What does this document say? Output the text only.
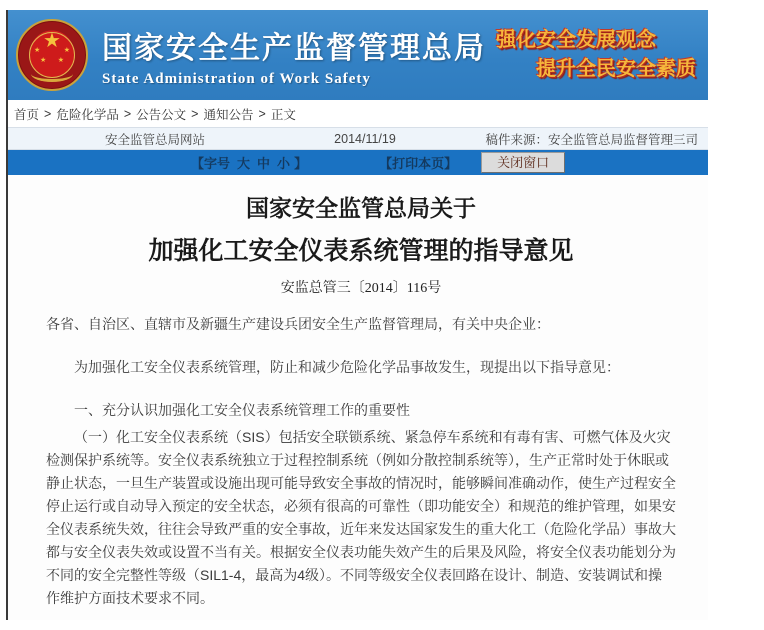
★
★
★ ★
★ 国家安全生产监督管理总局
State Administration of Work Safety
强化安全发展观念
提升全民安全素质
首页 > 危险化学品 > 公告公文 > 通知公告 > 正文
安全监管总局网站	2014/11/19	稿件来源：安全监管总局监督管理三司
【字号 大 中 小 】	【打印本页】	关闭窗口
国家安全监管总局关于
加强化工安全仪表系统管理的指导意见
安监总管三〔2014〕116号

各省、自治区、直辖市及新疆生产建设兵团安全生产监督管理局，有关中央企业：

为加强化工安全仪表系统管理，防止和减少危险化学品事故发生，现提出以下指导意见：

一、充分认识加强化工安全仪表系统管理工作的重要性

（一）化工安全仪表系统（SIS）包括安全联锁系统、紧急停车系统和有毒有害、可燃气体及火灾检测保护系统等。安全仪表系统独立于过程控制系统（例如分散控制系统等），生产正常时处于休眠或静止状态，一旦生产装置或设施出现可能导致安全事故的情况时，能够瞬间准确动作，使生产过程安全停止运行或自动导入预定的安全状态，必须有很高的可靠性（即功能安全）和规范的维护管理，如果安全仪表系统失效，往往会导致严重的安全事故，近年来发达国家发生的重大化工（危险化学品）事故大都与安全仪表失效或设置不当有关。根据安全仪表功能失效产生的后果及风险，将安全仪表功能划分为不同的安全完整性等级（SIL1-4，最高为4级）。不同等级安全仪表回路在设计、制造、安装调试和操作维护方面技术要求不同。
